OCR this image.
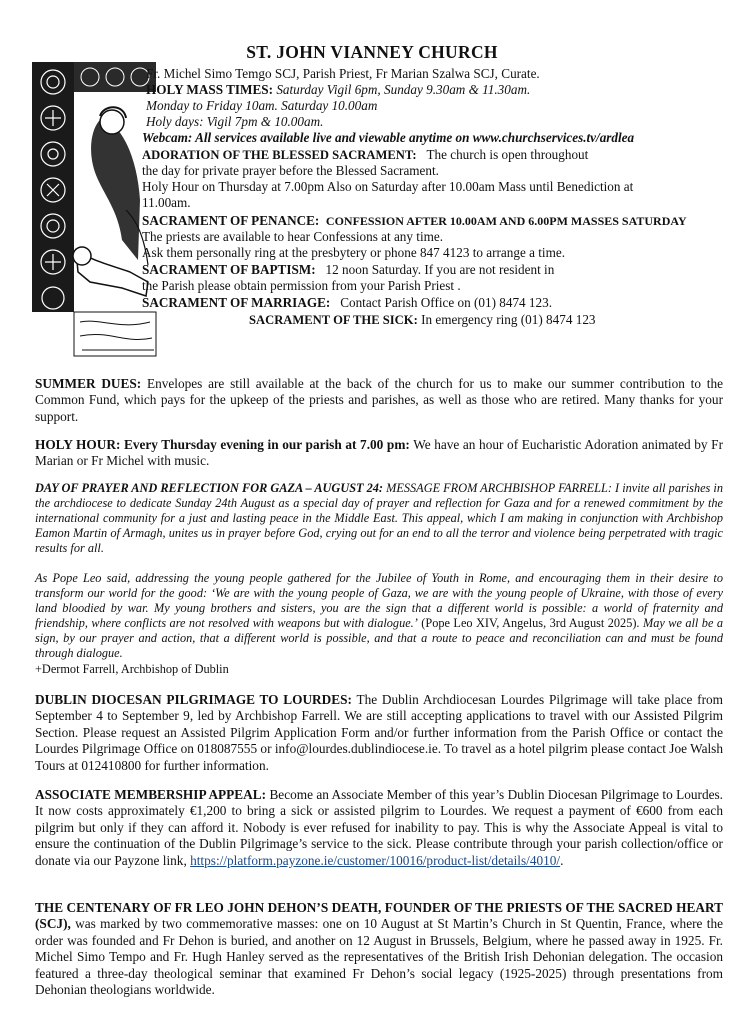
ST. JOHN VIANNEY CHURCH
Fr. Michel Simo Temgo SCJ, Parish Priest, Fr Marian Szalwa SCJ, Curate.
HOLY MASS TIMES: Saturday Vigil 6pm, Sunday 9.30am & 11.30am.
Monday to Friday 10am. Saturday 10.00am
Holy days: Vigil 7pm & 10.00am.
Webcam: All services available live and viewable anytime on www.churchservices.tv/ardlea
ADORATION OF THE BLESSED SACRAMENT: The church is open throughout
the day for private prayer before the Blessed Sacrament.
Holy Hour on Thursday at 7.00pm Also on Saturday after 10.00am Mass until Benediction at
11.00am.
SACRAMENT OF PENANCE: CONFESSION AFTER 10.00AM AND 6.00PM MASSES SATURDAY
The priests are available to hear Confessions at any time.
Ask them personally ring at the presbytery or phone 847 4123 to arrange a time.
SACRAMENT OF BAPTISM: 12 noon Saturday. If you are not resident in
the Parish please obtain permission from your Parish Priest .
SACRAMENT OF MARRIAGE: Contact Parish Office on (01) 8474 123.
SACRAMENT OF THE SICK: In emergency ring (01) 8474 123
SUMMER DUES: Envelopes are still available at the back of the church for us to make our summer contribution to the Common Fund, which pays for the upkeep of the priests and parishes, as well as those who are retired. Many thanks for your support.
HOLY HOUR: Every Thursday evening in our parish at 7.00 pm: We have an hour of Eucharistic Adoration animated by Fr Marian or Fr Michel with music.
DAY OF PRAYER AND REFLECTION FOR GAZA – AUGUST 24: MESSAGE FROM ARCHBISHOP FARRELL: I invite all parishes in the archdiocese to dedicate Sunday 24th August as a special day of prayer and reflection for Gaza and for a renewed commitment by the international community for a just and lasting peace in the Middle East. This appeal, which I am making in conjunction with Archbishop Eamon Martin of Armagh, unites us in prayer before God, crying out for an end to all the terror and violence being perpetrated with tragic results for all.
As Pope Leo said, addressing the young people gathered for the Jubilee of Youth in Rome, and encouraging them in their desire to transform our world for the good: ‘We are with the young people of Gaza, we are with the young people of Ukraine, with those of every land bloodied by war. My young brothers and sisters, you are the sign that a different world is possible: a world of fraternity and friendship, where conflicts are not resolved with weapons but with dialogue.’ (Pope Leo XIV, Angelus, 3rd August 2025). May we all be a sign, by our prayer and action, that a different world is possible, and that a route to peace and reconciliation can and must be found through dialogue.
+Dermot Farrell, Archbishop of Dublin
DUBLIN DIOCESAN PILGRIMAGE TO LOURDES: The Dublin Archdiocesan Lourdes Pilgrimage will take place from September 4 to September 9, led by Archbishop Farrell. We are still accepting applications to travel with our Assisted Pilgrim Section. Please request an Assisted Pilgrim Application Form and/or further information from the Parish Office or contact the Lourdes Pilgrimage Office on 018087555 or info@lourdes.dublindiocese.ie. To travel as a hotel pilgrim please contact Joe Walsh Tours at 012410800 for further information.
ASSOCIATE MEMBERSHIP APPEAL: Become an Associate Member of this year’s Dublin Diocesan Pilgrimage to Lourdes. It now costs approximately €1,200 to bring a sick or assisted pilgrim to Lourdes. We request a payment of €600 from each pilgrim but only if they can afford it. Nobody is ever refused for inability to pay. This is why the Associate Appeal is vital to ensure the continuation of the Dublin Pilgrimage’s service to the sick. Please contribute through your parish collection/office or donate via our Payzone link, https://platform.payzone.ie/customer/10016/product-list/details/4010/.
THE CENTENARY OF FR LEO JOHN DEHON’S DEATH, FOUNDER OF THE PRIESTS OF THE SACRED HEART (SCJ), was marked by two commemorative masses: one on 10 August at St Martin’s Church in St Quentin, France, where the order was founded and Fr Dehon is buried, and another on 12 August in Brussels, Belgium, where he passed away in 1925. Fr. Michel Simo Tempo and Fr. Hugh Hanley served as the representatives of the British Irish Dehonian delegation. The occasion featured a three-day theological seminar that examined Fr Dehon’s social legacy (1925-2025) through presentations from Dehonian theologians worldwide.
